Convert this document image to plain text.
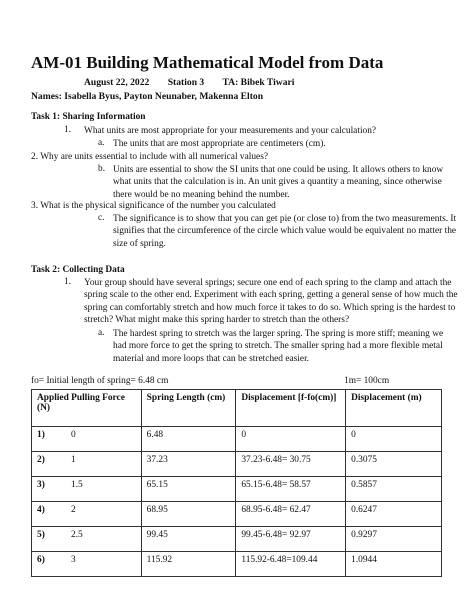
AM-01 Building Mathematical Model from Data
August 22, 2022 Station 3 TA: Bibek Tiwari
Names: Isabella Byus, Payton Neunaber, Makenna Elton
Task 1: Sharing Information
1. What units are most appropriate for your measurements and your calculation?
a. The units that are most appropriate are centimeters (cm).
2. Why are units essential to include with all numerical values?
b. Units are essential to show the SI units that one could be using. It allows others to know what units that the calculation is in. An unit gives a quantity a meaning, since otherwise there would be no meaning behind the number.
3. What is the physical significance of the number you calculated
c. The significance is to show that you can get pie (or close to) from the two measurements. It signifies that the circumference of the circle which value would be equivalent no matter the size of spring.
Task 2: Collecting Data
1. Your group should have several springs; secure one end of each spring to the clamp and attach the spring scale to the other end. Experiment with each spring, getting a general sense of how much the spring can comfortably stretch and how much force it takes to do so. Which spring is the hardest to stretch? What might make this spring harder to stretch than the others?
a. The hardest spring to stretch was the larger spring. The spring is more stiff; meaning we had more force to get the spring to stretch. The smaller spring had a more flexible metal material and more loops that can be stretched easier.
fo= Initial length of spring= 6.48 cm	1m= 100cm
Applied Pulling Force (N)	Spring Length (cm)	Displacement [f-fo(cm)]	Displacement (m)
1) 0	6.48	0	0
2) 1	37.23	37.23-6.48= 30.75	0.3075
3) 1.5	65.15	65.15-6.48= 58.57	0.5857
4) 2	68.95	68.95-6.48= 62.47	0.6247
5) 2.5	99.45	99.45-6.48= 92.97	0.9297
6) 3	115.92	115.92-6.48=109.44	1.0944
